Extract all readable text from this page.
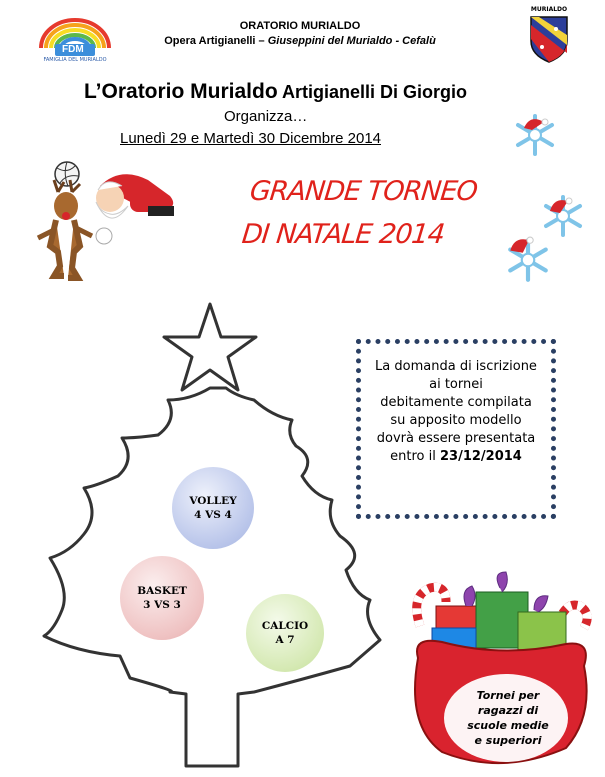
FDM
FAMIGLIA DEL MURIALDO
MURIALDO
ORATORIO MURIALDO
Opera Artigianelli – Giuseppini del Murialdo - Cefalù
L’Oratorio Murialdo Artigianelli Di Giorgio
Organizza…
Lunedì 29 e Martedì 30 Dicembre 2014
GRANDE TORNEO
DI NATALE 2014
VOLLEY
4 VS 4
BASKET
3 VS 3
CALCIO
A 7
La domanda di iscrizione
ai tornei
debitamente compilata
su apposito modello
dovrà essere presentata
entro il 23/12/2014
Tornei per
ragazzi di
scuole medie
e superiori
